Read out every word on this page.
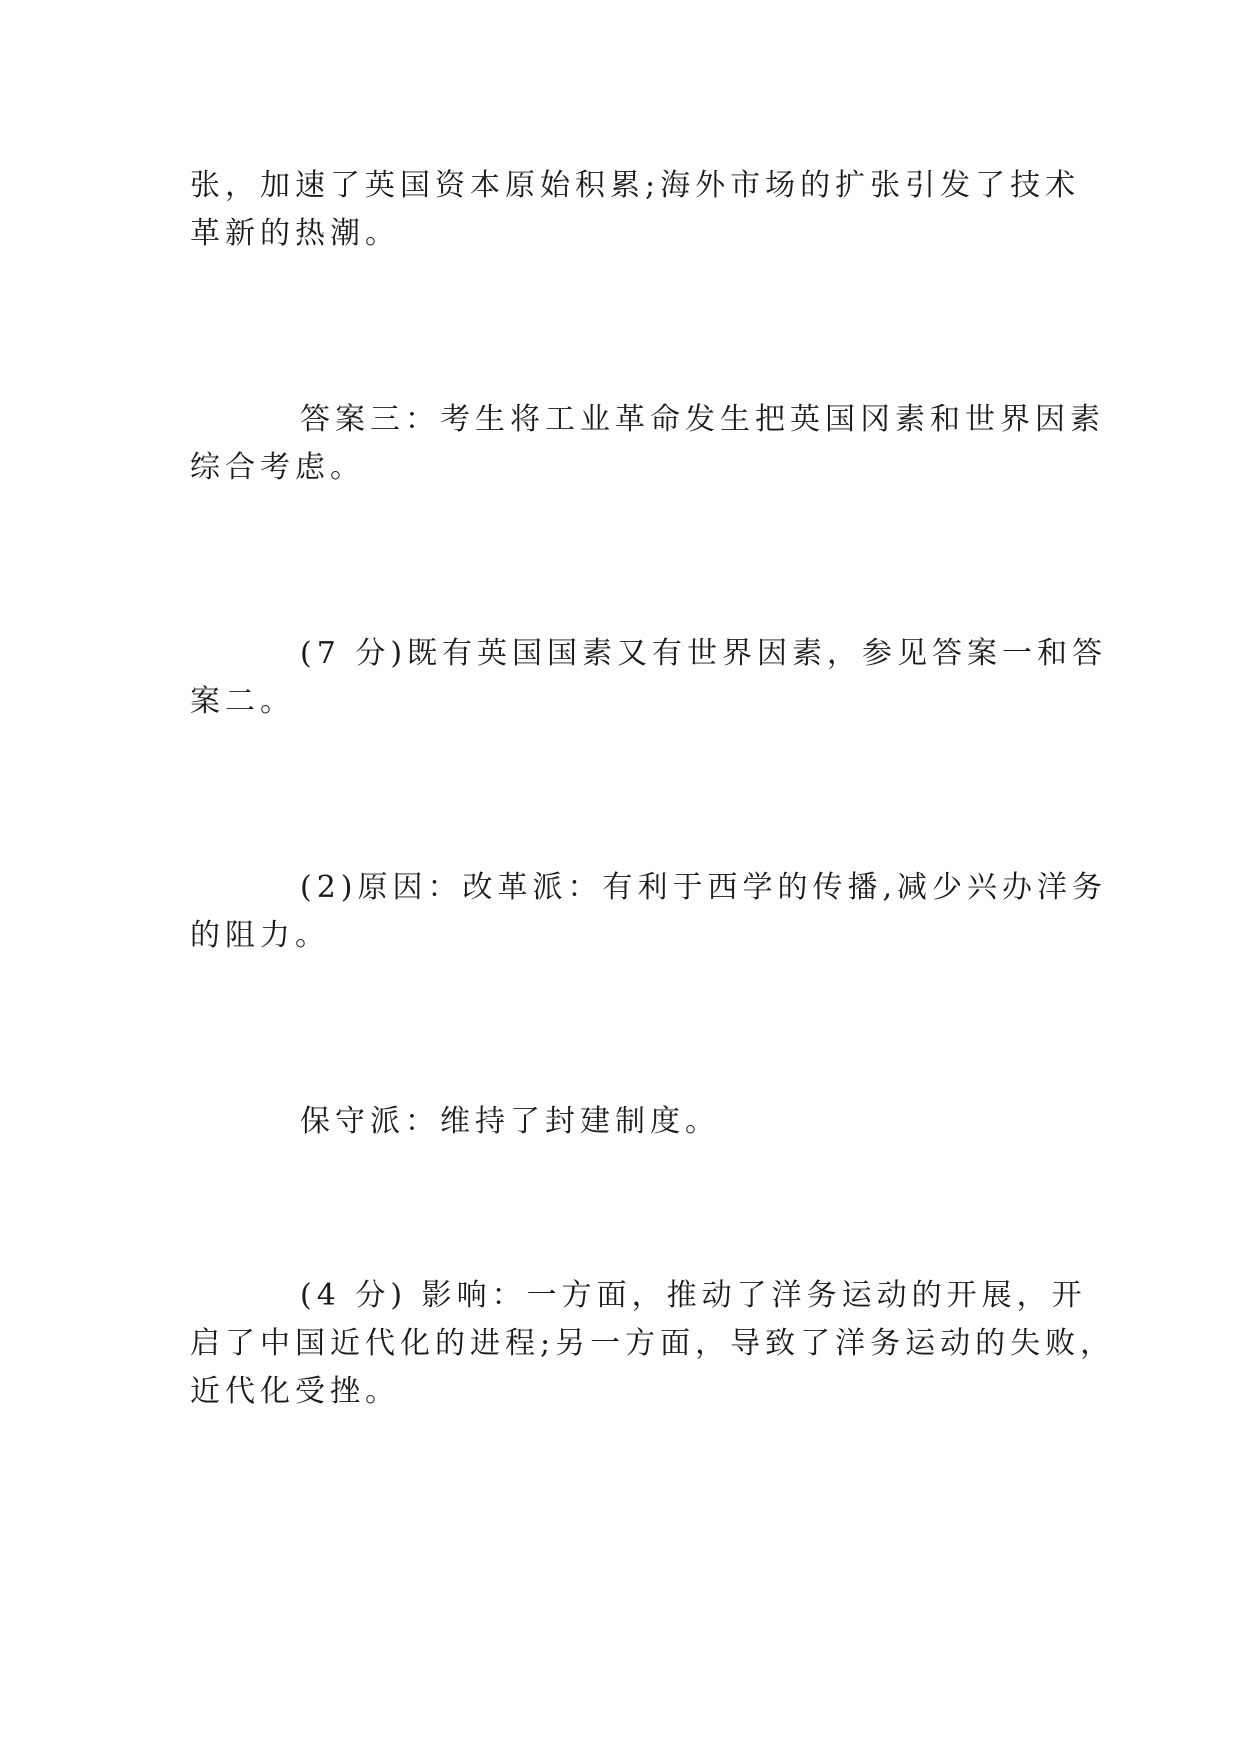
张，加速了英国资本原始积累;海外市场的扩张引发了技术
革新的热潮。

答案三：考生将工业革命发生把英国冈素和世界因素
综合考虑。

(7 分)既有英国国素又有世界因素，参见答案一和答
案二。

(2)原因：改革派：有利于西学的传播,减少兴办洋务
的阻力。

保守派：维持了封建制度。

(4 分) 影响：一方面，推动了洋务运动的开展，开
启了中国近代化的进程;另一方面，导致了洋务运动的失败，
近代化受挫。
